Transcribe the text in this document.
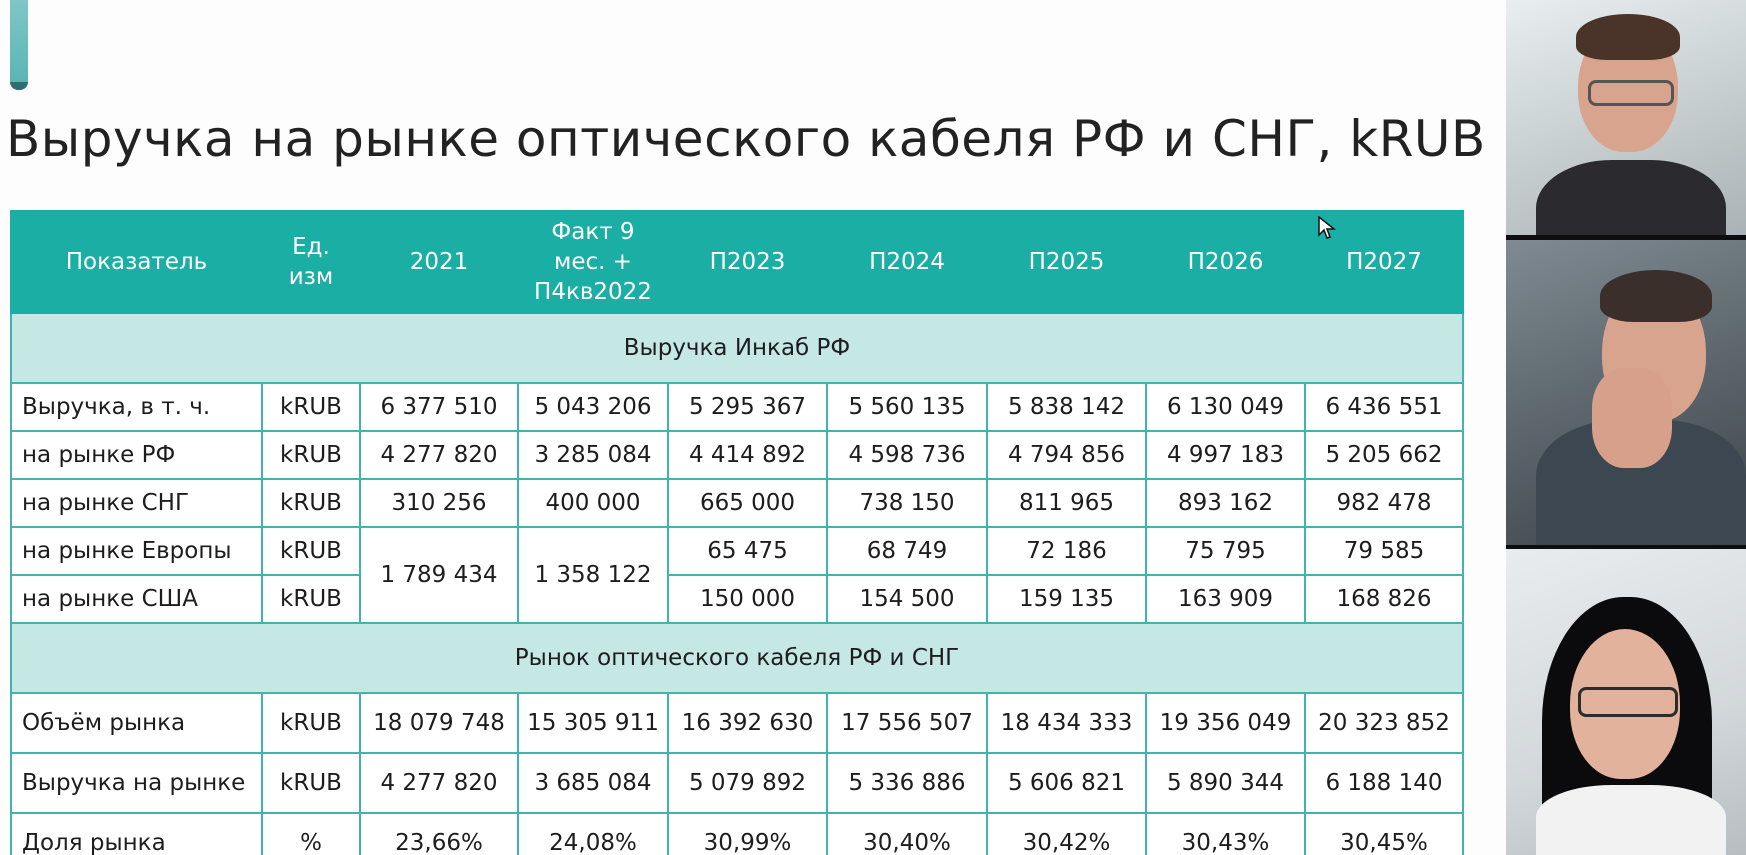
Выручка на рынке оптического кабеля РФ и СНГ, kRUB
Показатель	Ед. изм	2021	Факт 9 мес. + П4кв2022	П2023	П2024	П2025	П2026	П2027
Выручка Инкаб РФ								
Выручка, в т. ч.	kRUB	6 377 510	5 043 206	5 295 367	5 560 135	5 838 142	6 130 049	6 436 551
на рынке РФ	kRUB	4 277 820	3 285 084	4 414 892	4 598 736	4 794 856	4 997 183	5 205 662
на рынке СНГ	kRUB	310 256	400 000	665 000	738 150	811 965	893 162	982 478
на рынке Европы	kRUB	1 789 434	1 358 122	65 475	68 749	72 186	75 795	79 585
на рынке США	kRUB			150 000	154 500	159 135	163 909	168 826
Рынок оптического кабеля РФ и СНГ								
Объём рынка	kRUB	18 079 748	15 305 911	16 392 630	17 556 507	18 434 333	19 356 049	20 323 852
Выручка на рынке	kRUB	4 277 820	3 685 084	5 079 892	5 336 886	5 606 821	5 890 344	6 188 140
Доля рынка	%	23,66%	24,08%	30,99%	30,40%	30,42%	30,43%	30,45%
